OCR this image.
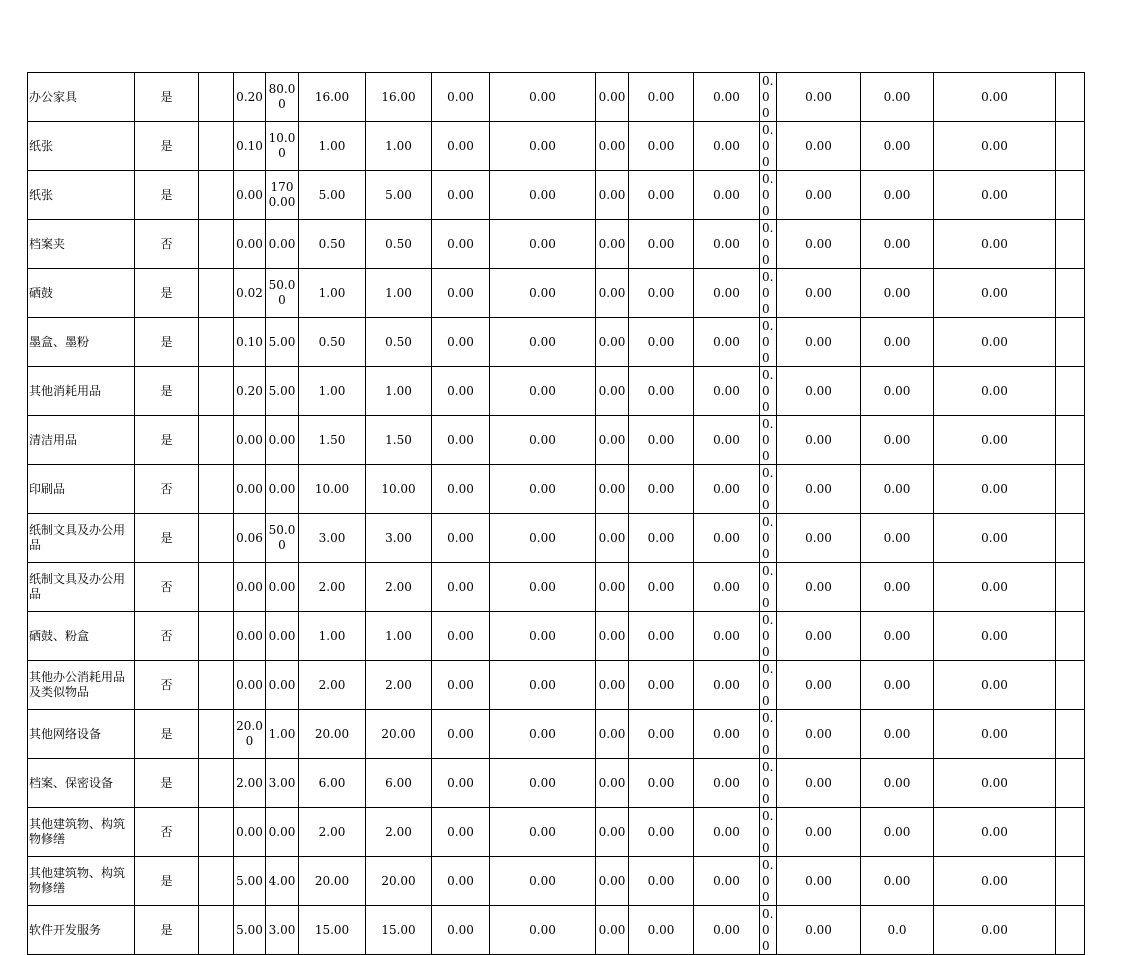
办公家具	是		0.20	80.00	16.00	16.00	0.00	0.00	0.00	0.00	0.00	0.00	0.00	0.00	0.00	
纸张	是		0.10	10.00	1.00	1.00	0.00	0.00	0.00	0.00	0.00	0.00	0.00	0.00	0.00	
纸张	是		0.00	1700.00	5.00	5.00	0.00	0.00	0.00	0.00	0.00	0.00	0.00	0.00	0.00	
档案夹	否		0.00	0.00	0.50	0.50	0.00	0.00	0.00	0.00	0.00	0.00	0.00	0.00	0.00	
硒鼓	是		0.02	50.00	1.00	1.00	0.00	0.00	0.00	0.00	0.00	0.00	0.00	0.00	0.00	
墨盒、墨粉	是		0.10	5.00	0.50	0.50	0.00	0.00	0.00	0.00	0.00	0.00	0.00	0.00	0.00	
其他消耗用品	是		0.20	5.00	1.00	1.00	0.00	0.00	0.00	0.00	0.00	0.00	0.00	0.00	0.00	
清洁用品	是		0.00	0.00	1.50	1.50	0.00	0.00	0.00	0.00	0.00	0.00	0.00	0.00	0.00	
印刷品	否		0.00	0.00	10.00	10.00	0.00	0.00	0.00	0.00	0.00	0.00	0.00	0.00	0.00	
纸制文具及办公用品	是		0.06	50.00	3.00	3.00	0.00	0.00	0.00	0.00	0.00	0.00	0.00	0.00	0.00	
纸制文具及办公用品	否		0.00	0.00	2.00	2.00	0.00	0.00	0.00	0.00	0.00	0.00	0.00	0.00	0.00	
硒鼓、粉盒	否		0.00	0.00	1.00	1.00	0.00	0.00	0.00	0.00	0.00	0.00	0.00	0.00	0.00	
其他办公消耗用品及类似物品	否		0.00	0.00	2.00	2.00	0.00	0.00	0.00	0.00	0.00	0.00	0.00	0.00	0.00	
其他网络设备	是		20.00	1.00	20.00	20.00	0.00	0.00	0.00	0.00	0.00	0.00	0.00	0.00	0.00	
档案、保密设备	是		2.00	3.00	6.00	6.00	0.00	0.00	0.00	0.00	0.00	0.00	0.00	0.00	0.00	
其他建筑物、构筑物修缮	否		0.00	0.00	2.00	2.00	0.00	0.00	0.00	0.00	0.00	0.00	0.00	0.00	0.00	
其他建筑物、构筑物修缮	是		5.00	4.00	20.00	20.00	0.00	0.00	0.00	0.00	0.00	0.00	0.00	0.00	0.00	
软件开发服务	是		5.00	3.00	15.00	15.00	0.00	0.00	0.00	0.00	0.00	0.00	0.00	0.0	0.00	
